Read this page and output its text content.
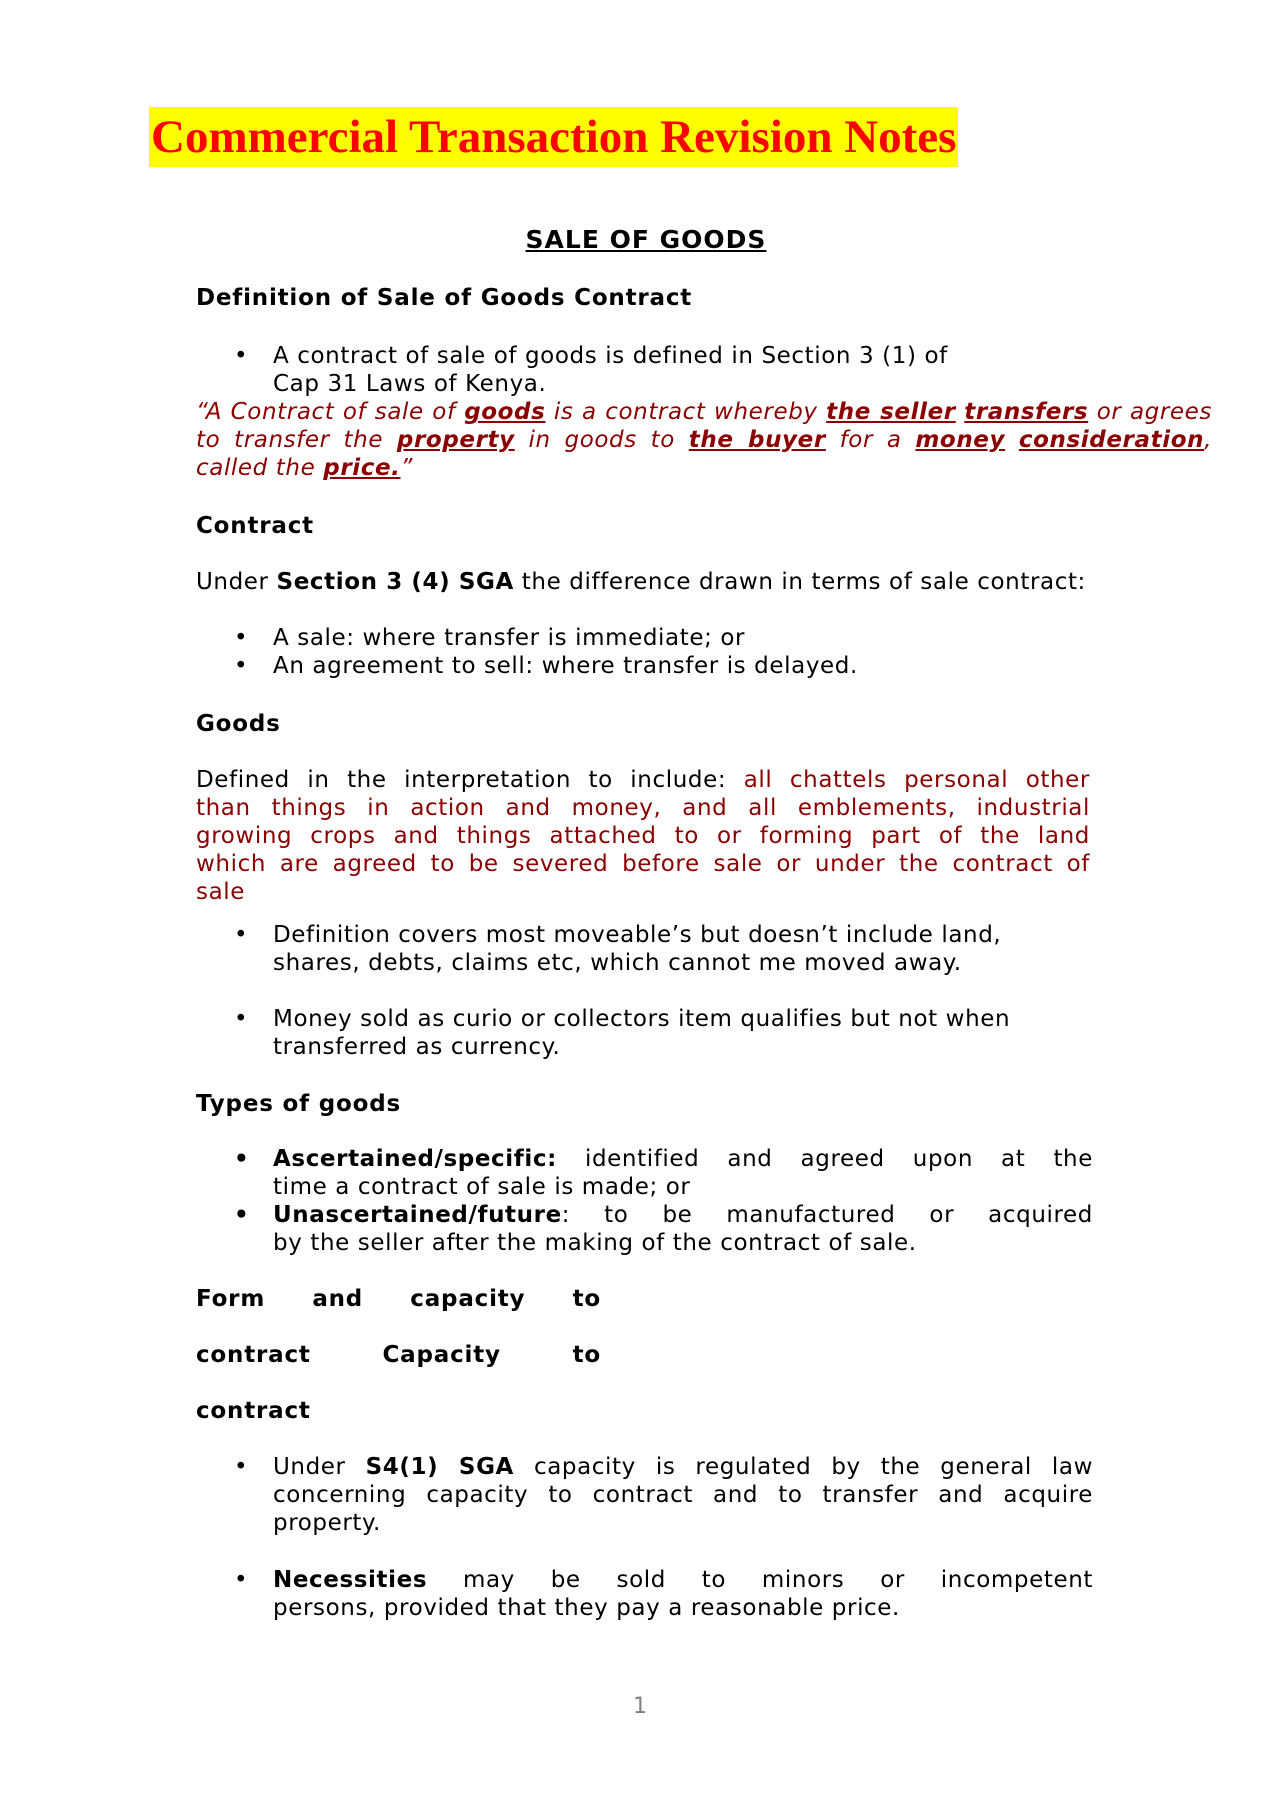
Commercial Transaction Revision Notes
SALE OF GOODS
Definition of Sale of Goods Contract
•	A contract of sale of goods is defined in Section 3 (1) of
Cap 31 Laws of Kenya.
“A Contract of sale of goods is a contract whereby the seller transfers or agrees to transfer the property in goods to the buyer for a money consideration, called the price.”
Contract
Under Section 3 (4) SGA the difference drawn in terms of sale contract:
•	A sale: where transfer is immediate; or
•	An agreement to sell: where transfer is delayed.
Goods
Defined in the interpretation to include: all chattels personal other
than things in action and money, and all emblements, industrial
growing crops and things attached to or forming part of the land
which are agreed to be severed before sale or under the contract of
sale
•	Definition covers most moveable’s but doesn’t include land,
shares, debts, claims etc, which cannot me moved away.
•	Money sold as curio or collectors item qualifies but not when
transferred as currency.
Types of goods
•	Ascertained/specific: identified and agreed upon at the
time a contract of sale is made; or
•	Unascertained/future: to be manufactured or acquired
by the seller after the making of the contract of sale.
Form and capacity to
contract	Capacity	to
contract
•	Under S4(1) SGA capacity is regulated by the general law
concerning capacity to contract and to transfer and acquire
property.
•	Necessities may be sold to minors or incompetent
persons, provided that they pay a reasonable price.
1
